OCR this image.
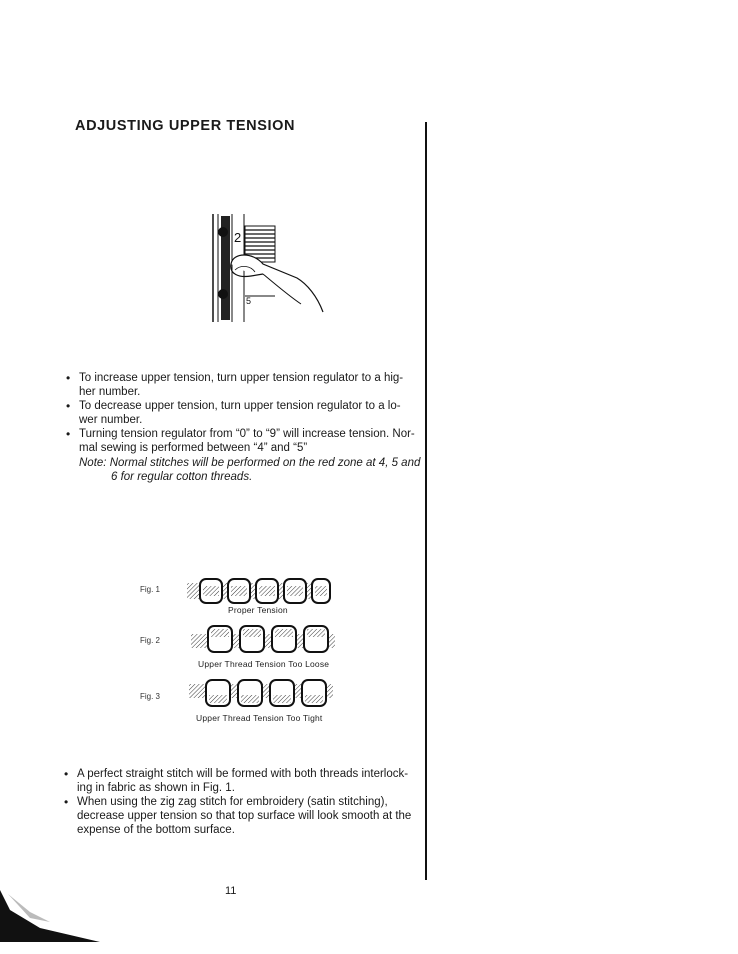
ADJUSTING UPPER TENSION
2
5
• To increase upper tension, turn upper tension regulator to a hig-
her number.
• To decrease upper tension, turn upper tension regulator to a lo-
wer number.
• Turning tension regulator from “0” to “9” will increase tension. Nor-
mal sewing is performed between “4” and “5”
Note: Normal stitches will be performed on the red zone at 4, 5 and
6 for regular cotton threads.
Fig. 1
Proper Tension
Fig. 2
Upper Thread Tension Too Loose
Fig. 3
Upper Thread Tension Too Tight
• A perfect straight stitch will be formed with both threads interlock-
ing in fabric as shown in Fig. 1.
• When using the zig zag stitch for embroidery (satin stitching),
decrease upper tension so that top surface will look smooth at the
expense of the bottom surface.
11
